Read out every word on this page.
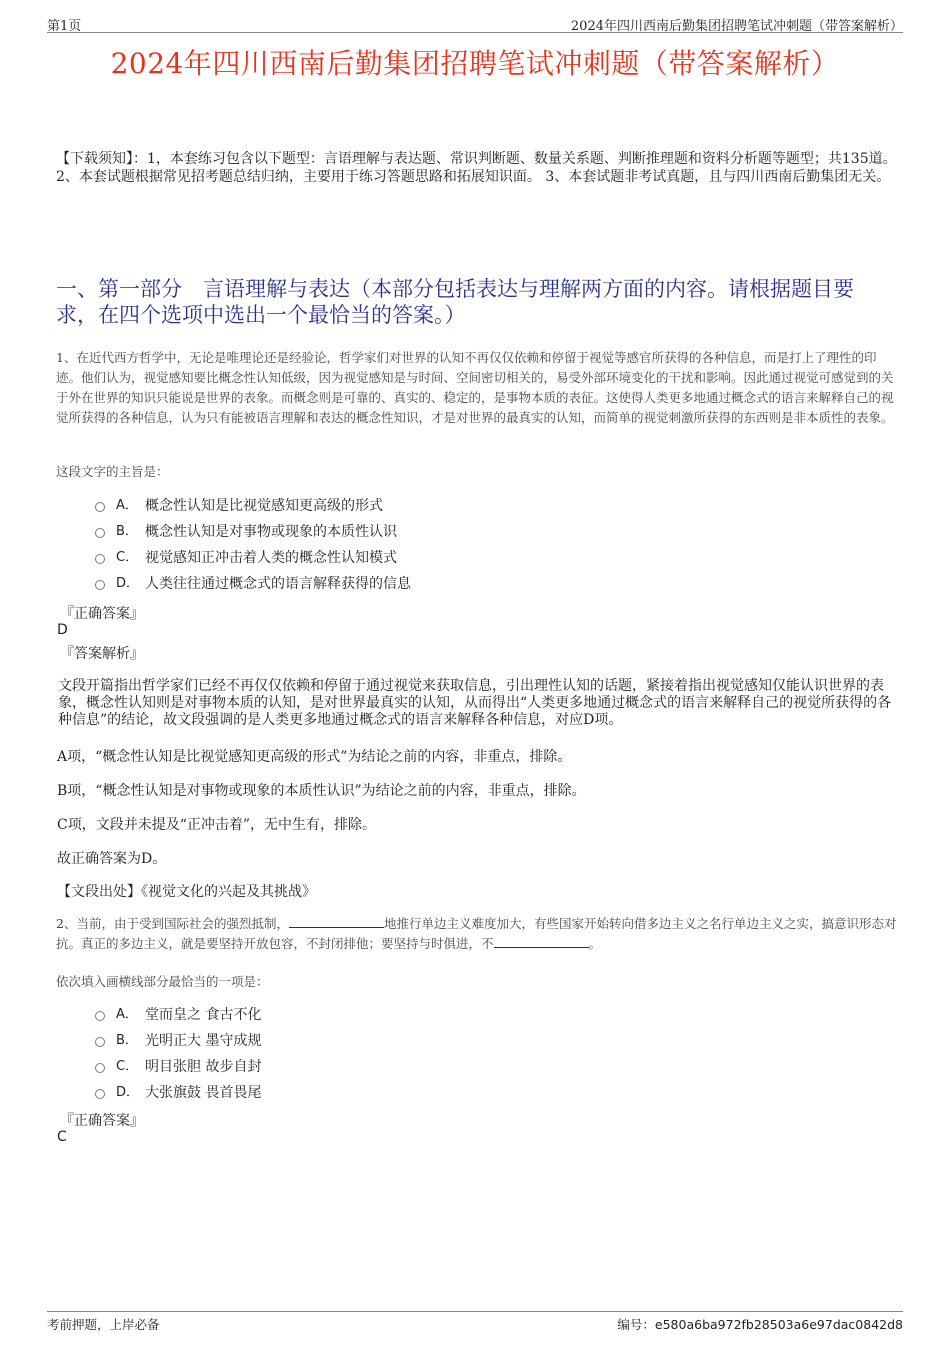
第1页	2024年四川西南后勤集团招聘笔试冲刺题（带答案解析）
2024年四川西南后勤集团招聘笔试冲刺题（带答案解析）
【下载须知】：1，本套练习包含以下题型：言语理解与表达题、常识判断题、数量关系题、判断推理题和资料分析题等题型；共135道。 2、本套试题根据常见招考题总结归纳，主要用于练习答题思路和拓展知识面。 3、本套试题非考试真题，且与四川西南后勤集团无关。
一、第一部分　言语理解与表达（本部分包括表达与理解两方面的内容。请根据题目要求，在四个选项中选出一个最恰当的答案。）
1、在近代西方哲学中，无论是唯理论还是经验论，哲学家们对世界的认知不再仅仅依赖和停留于视觉等感官所获得的各种信息，而是打上了理性的印迹。他们认为，视觉感知要比概念性认知低级，因为视觉感知是与时间、空间密切相关的，易受外部环境变化的干扰和影响。因此通过视觉可感觉到的关于外在世界的知识只能说是世界的表象。而概念则是可靠的、真实的、稳定的，是事物本质的表征。这使得人类更多地通过概念式的语言来解释自己的视觉所获得的各种信息，认为只有能被语言理解和表达的概念性知识，才是对世界的最真实的认知，而简单的视觉刺激所获得的东西则是非本质性的表象。
这段文字的主旨是：
A． 概念性认知是比视觉感知更高级的形式
B． 概念性认知是对事物或现象的本质性认识
C． 视觉感知正冲击着人类的概念性认知模式
D． 人类往往通过概念式的语言解释获得的信息
『正确答案』
D
『答案解析』
文段开篇指出哲学家们已经不再仅仅依赖和停留于通过视觉来获取信息，引出理性认知的话题，紧接着指出视觉感知仅能认识世界的表象，概念性认知则是对事物本质的认知，是对世界最真实的认知，从而得出“人类更多地通过概念式的语言来解释自己的视觉所获得的各种信息”的结论，故文段强调的是人类更多地通过概念式的语言来解释各种信息，对应D项。
A项，“概念性认知是比视觉感知更高级的形式”为结论之前的内容，非重点，排除。
B项，“概念性认知是对事物或现象的本质性认识”为结论之前的内容，非重点，排除。
C项，文段并未提及“正冲击着”，无中生有，排除。
故正确答案为D。
【文段出处】《视觉文化的兴起及其挑战》
2、当前，由于受到国际社会的强烈抵制，	地推行单边主义难度加大，有些国家开始转向借多边主义之名行单边主义之实，搞意识形态对抗。真正的多边主义，就是要坚持开放包容，不封闭排他；要坚持与时俱进，不	。
依次填入画横线部分最恰当的一项是：
A． 堂而皇之 食古不化
B． 光明正大 墨守成规
C． 明目张胆 故步自封
D． 大张旗鼓 畏首畏尾
『正确答案』
C
考前押题，上岸必备	编号：e580a6ba972fb28503a6e97dac0842d8
